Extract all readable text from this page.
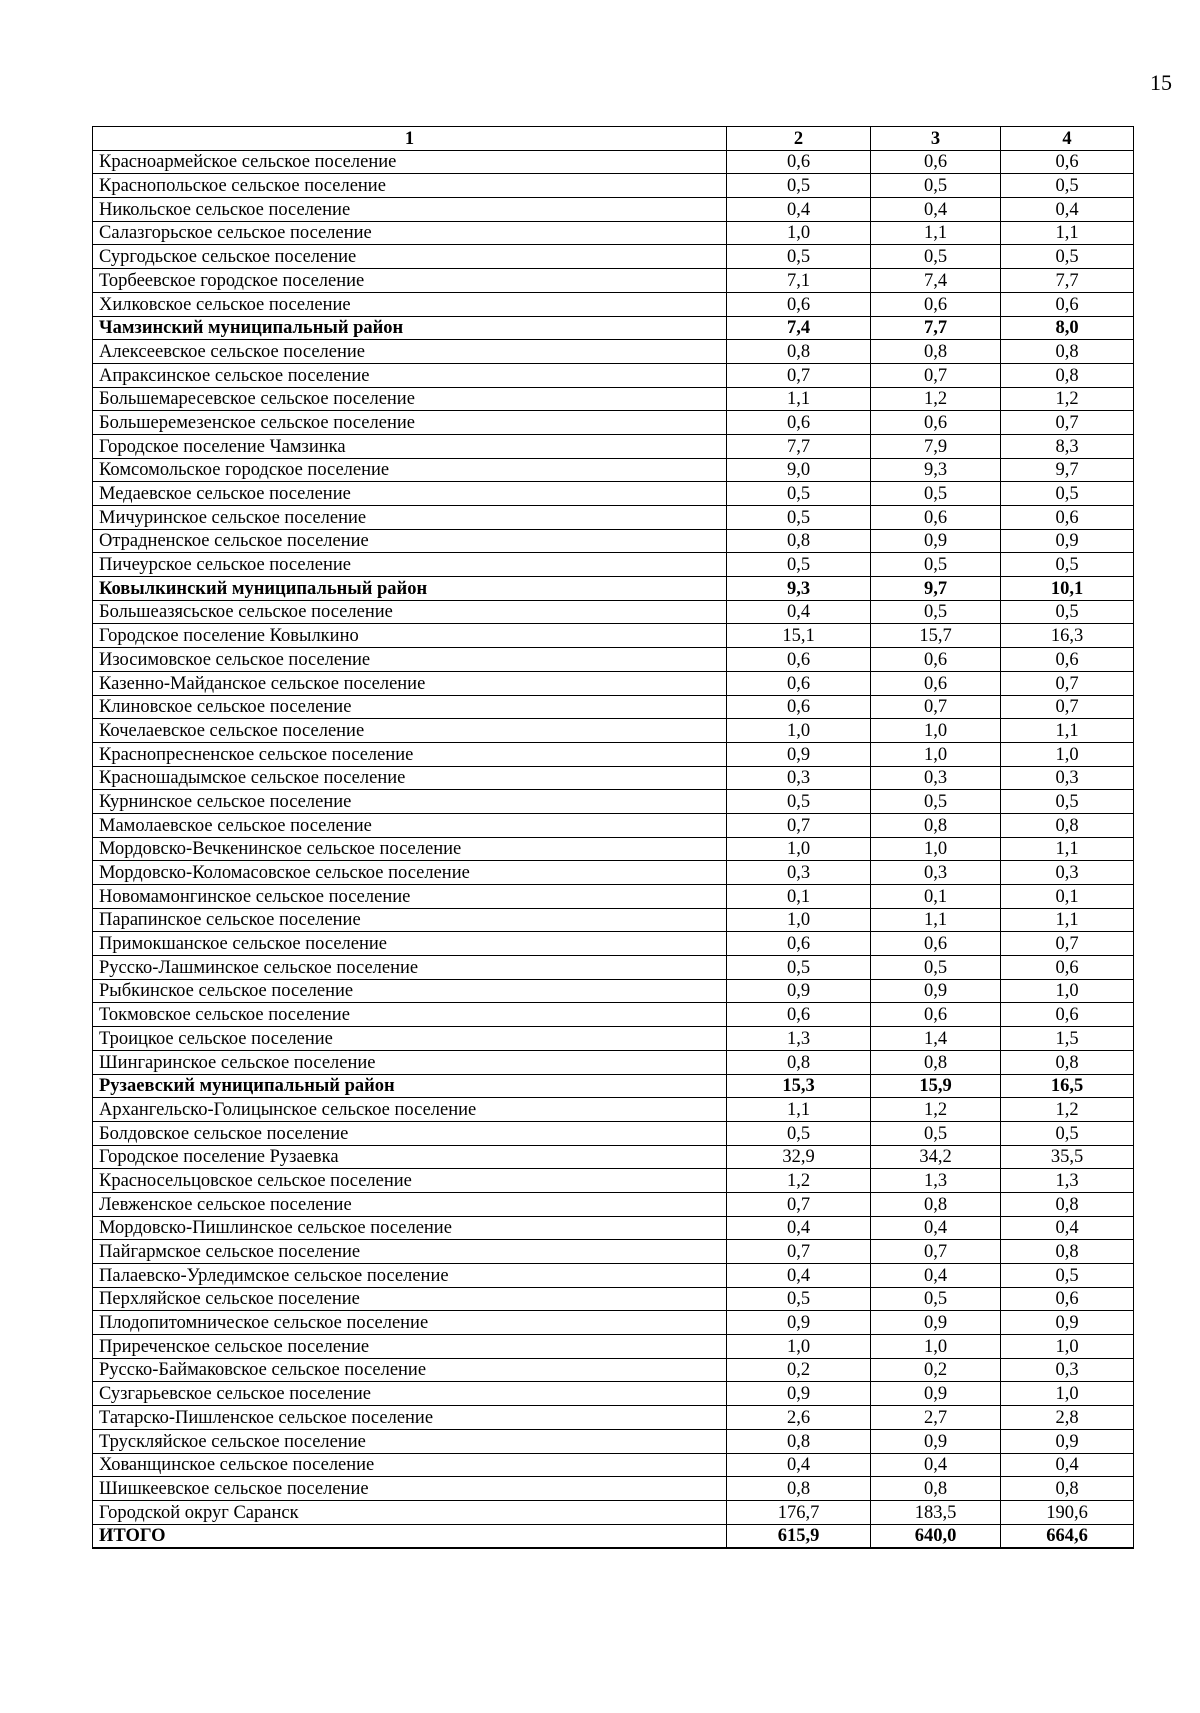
15
1	2	3	4
Красноармейское сельское поселение	0,6	0,6	0,6
Краснопольское сельское поселение	0,5	0,5	0,5
Никольское сельское поселение	0,4	0,4	0,4
Салазгорьское сельское поселение	1,0	1,1	1,1
Сургодьское сельское поселение	0,5	0,5	0,5
Торбеевское городское поселение	7,1	7,4	7,7
Хилковское сельское поселение	0,6	0,6	0,6
Чамзинский муниципальный район	7,4	7,7	8,0
Алексеевское сельское поселение	0,8	0,8	0,8
Апраксинское сельское поселение	0,7	0,7	0,8
Большемаресевское сельское поселение	1,1	1,2	1,2
Большеремезенское сельское поселение	0,6	0,6	0,7
Городское поселение Чамзинка	7,7	7,9	8,3
Комсомольское городское поселение	9,0	9,3	9,7
Медаевское сельское поселение	0,5	0,5	0,5
Мичуринское сельское поселение	0,5	0,6	0,6
Отрадненское сельское поселение	0,8	0,9	0,9
Пичеурское сельское поселение	0,5	0,5	0,5
Ковылкинский муниципальный район	9,3	9,7	10,1
Большеазясьское сельское поселение	0,4	0,5	0,5
Городское поселение Ковылкино	15,1	15,7	16,3
Изосимовское сельское поселение	0,6	0,6	0,6
Казенно-Майданское сельское поселение	0,6	0,6	0,7
Клиновское сельское поселение	0,6	0,7	0,7
Кочелаевское сельское поселение	1,0	1,0	1,1
Краснопресненское сельское поселение	0,9	1,0	1,0
Красношадымское сельское поселение	0,3	0,3	0,3
Курнинское сельское поселение	0,5	0,5	0,5
Мамолаевское сельское поселение	0,7	0,8	0,8
Мордовско-Вечкенинское сельское поселение	1,0	1,0	1,1
Мордовско-Коломасовское сельское поселение	0,3	0,3	0,3
Новомамонгинское сельское поселение	0,1	0,1	0,1
Парапинское сельское поселение	1,0	1,1	1,1
Примокшанское сельское поселение	0,6	0,6	0,7
Русско-Лашминское сельское поселение	0,5	0,5	0,6
Рыбкинское сельское поселение	0,9	0,9	1,0
Токмовское сельское поселение	0,6	0,6	0,6
Троицкое сельское поселение	1,3	1,4	1,5
Шингаринское сельское поселение	0,8	0,8	0,8
Рузаевский муниципальный район	15,3	15,9	16,5
Архангельско-Голицынское сельское поселение	1,1	1,2	1,2
Болдовское сельское поселение	0,5	0,5	0,5
Городское поселение Рузаевка	32,9	34,2	35,5
Красносельцовское сельское поселение	1,2	1,3	1,3
Левженское сельское поселение	0,7	0,8	0,8
Мордовско-Пишлинское сельское поселение	0,4	0,4	0,4
Пайгармское сельское поселение	0,7	0,7	0,8
Палаевско-Урледимское сельское поселение	0,4	0,4	0,5
Перхляйское сельское поселение	0,5	0,5	0,6
Плодопитомническое сельское поселение	0,9	0,9	0,9
Приреченское сельское поселение	1,0	1,0	1,0
Русско-Баймаковское сельское поселение	0,2	0,2	0,3
Сузгарьевское сельское поселение	0,9	0,9	1,0
Татарско-Пишленское сельское поселение	2,6	2,7	2,8
Трускляйское сельское поселение	0,8	0,9	0,9
Хованщинское сельское поселение	0,4	0,4	0,4
Шишкеевское сельское поселение	0,8	0,8	0,8
Городской округ Саранск	176,7	183,5	190,6
ИТОГО	615,9	640,0	664,6
